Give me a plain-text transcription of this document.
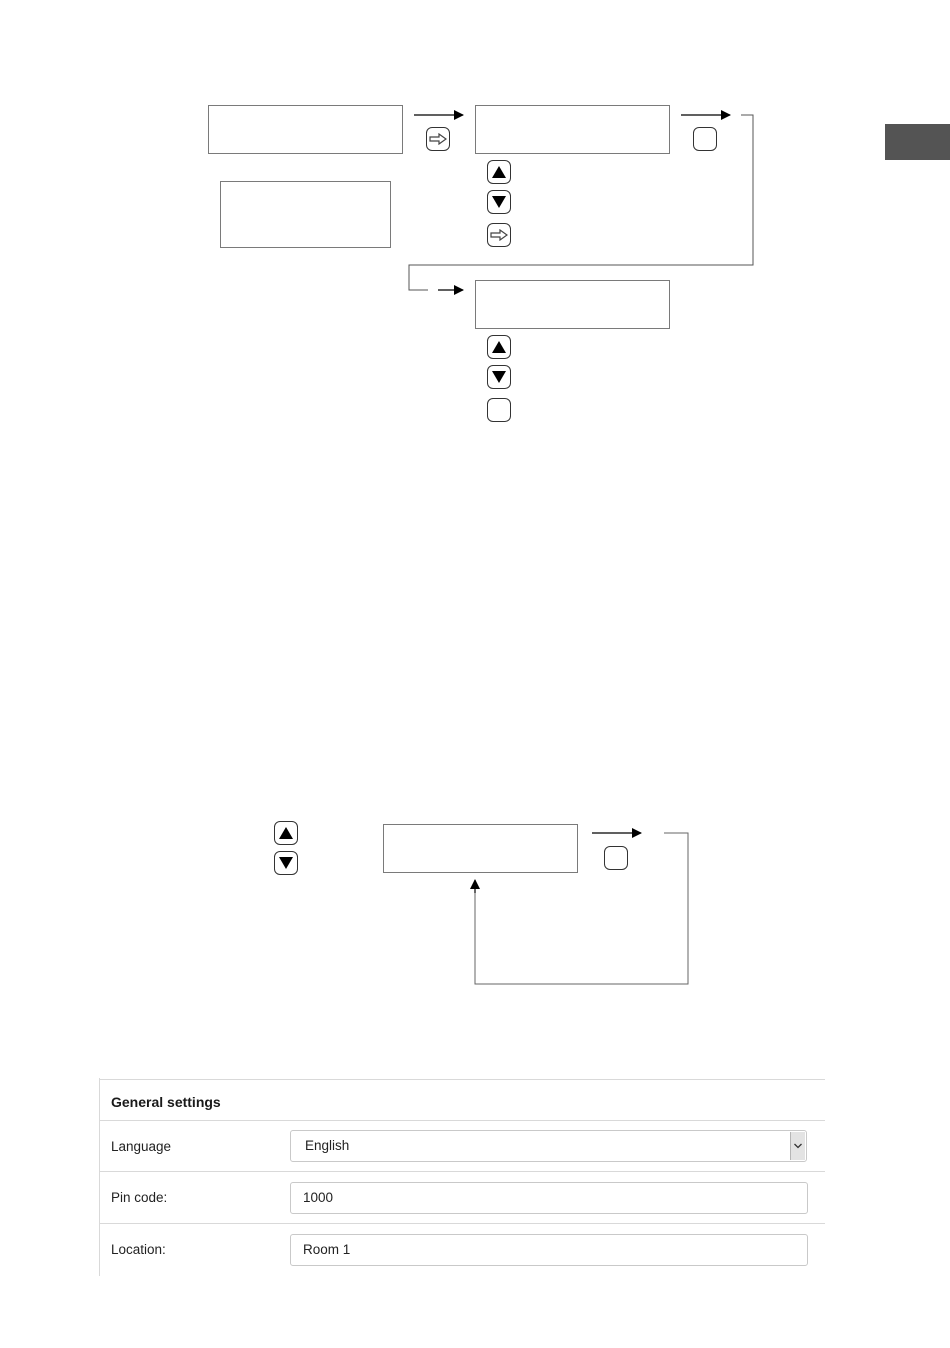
General settings
Language	English
Pin code:	1000
Location:	Room 1
